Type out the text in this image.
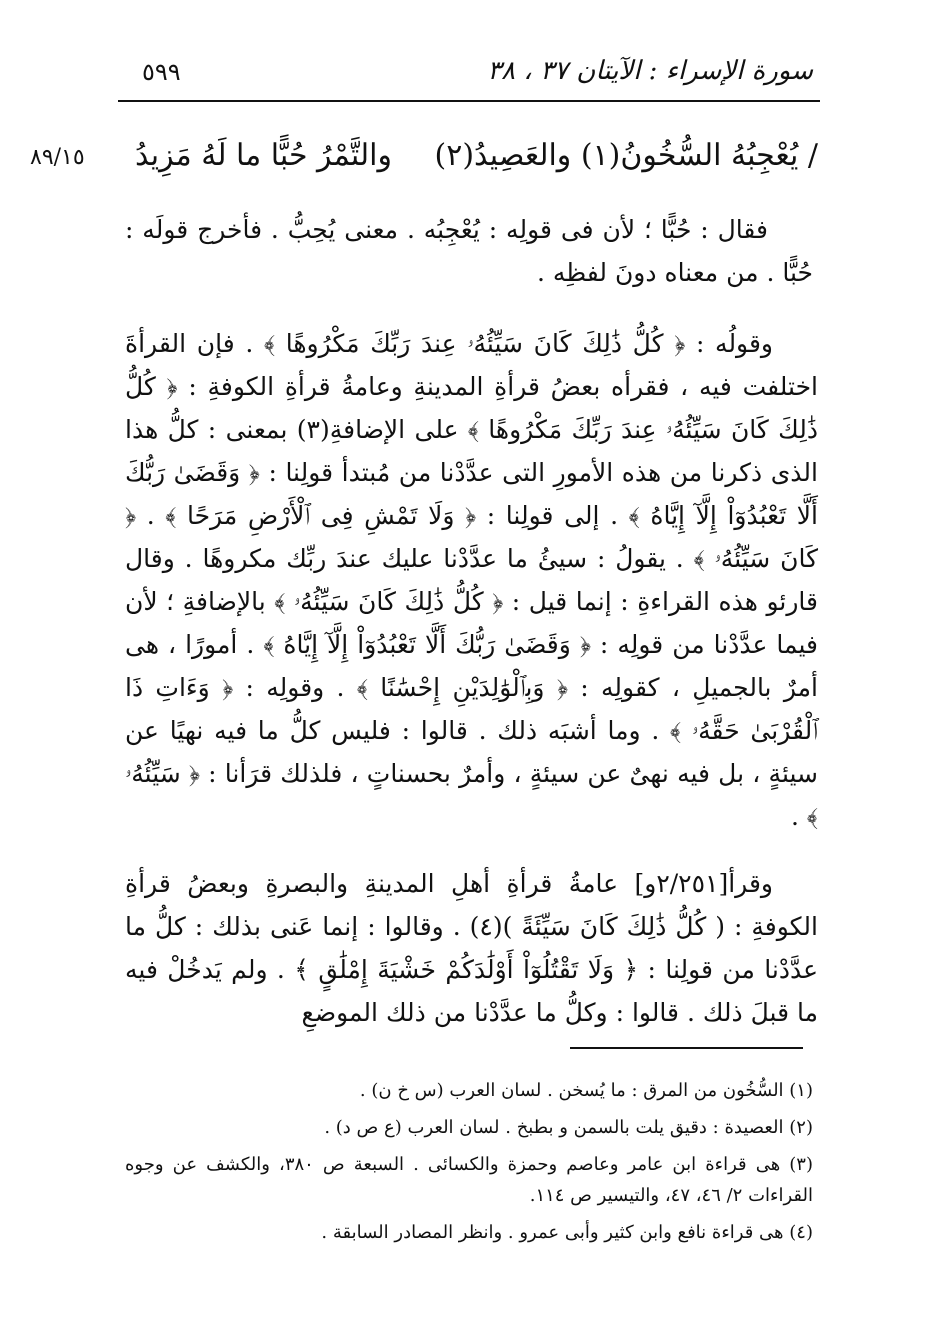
٥٩٩	سورة الإسراء : الآيتان ٣٧ ، ٣٨
٨٩/١٥	/ يُعْجِبُهُ السُّخُونُ(١) والعَصِيدُ(٢)
والتَّمْرُ حُبًّا ما لَهُ مَزِيدُ

فقال : حُبًّا ؛ لأن فى قولِه : يُعْجِبُه . معنى يُحِبُّ . فأخرج قولَه : حُبًّا . من معناه دونَ لفظِه .

وقولُه : ﴿ كُلُّ ذَٰلِكَ كَانَ سَيِّئُهُۥ عِندَ رَبِّكَ مَكْرُوهًا ﴾ . فإن القرأةَ اختلفت فيه ، فقرأه بعضُ قرأةِ المدينةِ وعامةُ قرأةِ الكوفةِ : ﴿ كُلُّ ذَٰلِكَ كَانَ سَيِّئُهُۥ عِندَ رَبِّكَ مَكْرُوهًا ﴾ على الإضافةِ(٣) بمعنى : كلُّ هذا الذى ذكرنا من هذه الأمورِ التى عدَّدْنا من مُبتدأ قولِنا : ﴿ وَقَضَىٰ رَبُّكَ أَلَّا تَعْبُدُوٓاْ إِلَّآ إِيَّاهُ ﴾ . إلى قولِنا : ﴿ وَلَا تَمْشِ فِى ٱلْأَرْضِ مَرَحًا ﴾ . ﴿ كَانَ سَيِّئُهُۥ ﴾ . يقولُ : سيئُ ما عدَّدْنا عليك عندَ ربِّك مكروهًا . وقال قارئو هذه القراءةِ : إنما قيل : ﴿ كُلُّ ذَٰلِكَ كَانَ سَيِّئُهُۥ ﴾ بالإضافةِ ؛ لأن فيما عدَّدْنا من قولِه : ﴿ وَقَضَىٰ رَبُّكَ أَلَّا تَعْبُدُوٓاْ إِلَّآ إِيَّاهُ ﴾ . أمورًا ، هى أمرٌ بالجميلِ ، كقولِه : ﴿ وَبِٱلْوَٰلِدَيْنِ إِحْسَٰنًا ﴾ . وقولِه : ﴿ وَءَاتِ ذَا ٱلْقُرْبَىٰ حَقَّهُۥ ﴾ . وما أشبَه ذلك . قالوا : فليس كلُّ ما فيه نهيًا عن سيئةٍ ، بل فيه نهىٌ عن سيئةٍ ، وأمرٌ بحسناتٍ ، فلذلك قرَأنا : ﴿ سَيِّئُهُۥ ﴾ .

وقرأ[٢/٢٥١و] عامةُ قرأةِ أهلِ المدينةِ والبصرةِ وبعضُ قرأةِ الكوفةِ : ( كُلُّ ذَٰلِكَ كَانَ سَيِّئَةً )(٤) . وقالوا : إنما عَنى بذلك : كلُّ ما عدَّدْنا من قولِنا : ﴿ وَلَا تَقْتُلُوٓاْ أَوْلَٰدَكُمْ خَشْيَةَ إِمْلَٰقٍ ﴾ . ولم يَدخُلْ فيه ما قبلَ ذلك . قالوا : وكلُّ ما عدَّدْنا من ذلك الموضعِ

(١) السُّخُون من المرق : ما يُسخن . لسان العرب (س خ ن) .

(٢) العصيدة : دقيق يلت بالسمن و بطبخ . لسان العرب (ع ص د) .

(٣) هى قراءة ابن عامر وعاصم وحمزة والكسائى . السبعة ص ٣٨٠، والكشف عن وجوه القراءات ٢/ ٤٦، ٤٧، والتيسير ص ١١٤.

(٤) هى قراءة نافع وابن كثير وأبى عمرو . وانظر المصادر السابقة .
